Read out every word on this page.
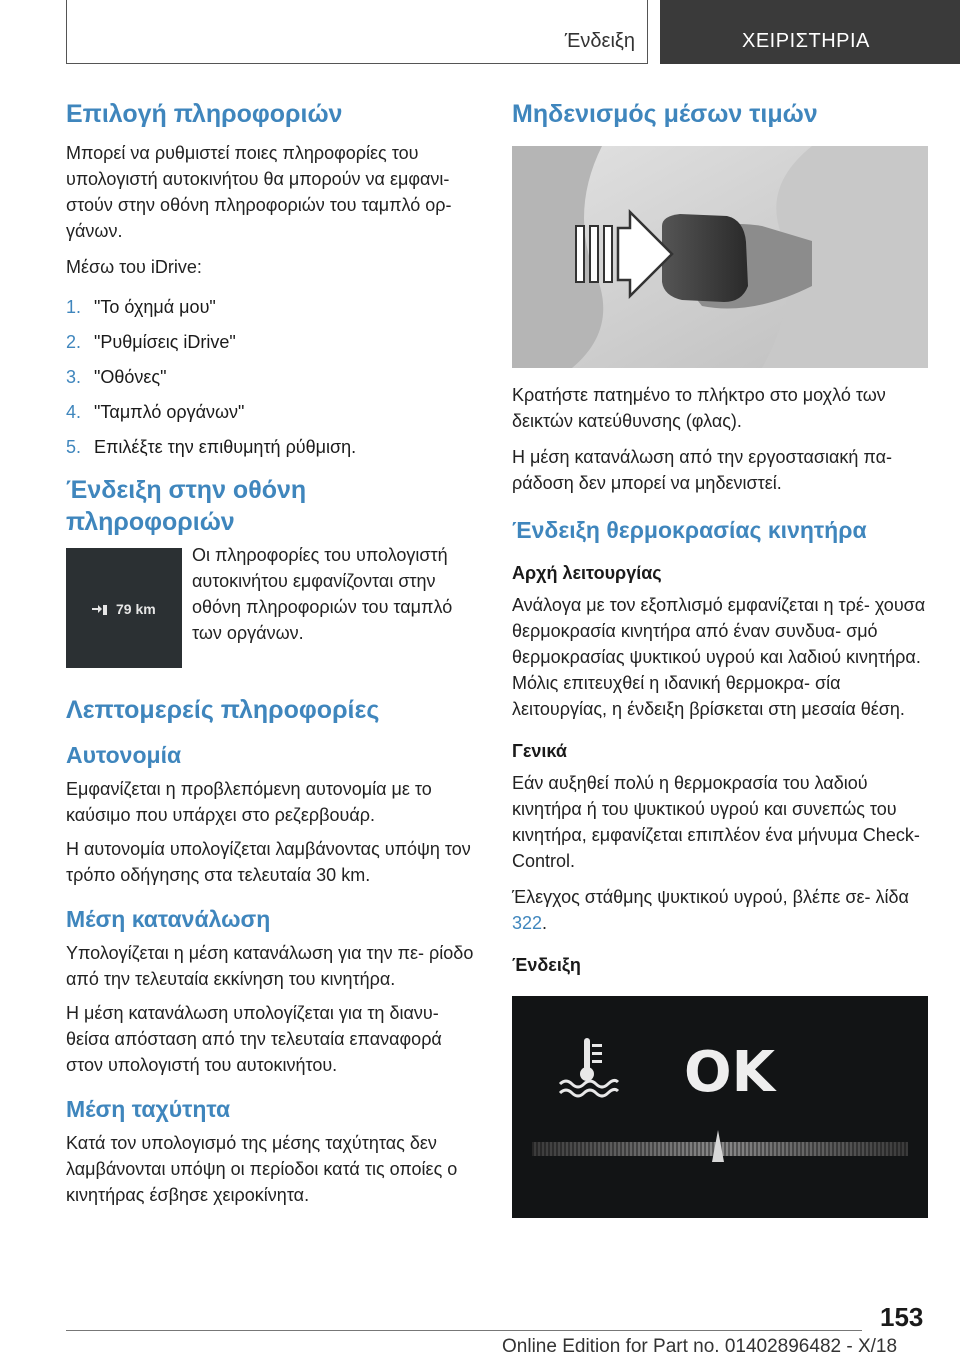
Ένδειξη	ΧΕΙΡΙΣΤΗΡΙΑ
Επιλογή πληροφοριών

Μπορεί να ρυθμιστεί ποιες πληροφορίες του υπολογιστή αυτοκινήτου θα μπορούν να εμφανι- στούν στην οθόνη πληροφοριών του ταμπλό ορ- γάνων.

Μέσω του iDrive:

1. "Το όχημά μου"
2. "Ρυθμίσεις iDrive"
3. "Οθόνες"
4. "Ταμπλό οργάνων"
5. Επιλέξτε την επιθυμητή ρύθμιση.
Ένδειξη στην οθόνη πληροφοριών
79 km

Οι πληροφορίες του υπολογιστή αυτοκινήτου εμφανίζονται στην οθόνη πληροφοριών του ταμπλό των οργάνων.

Λεπτομερείς πληροφορίες
Αυτονομία

Εμφανίζεται η προβλεπόμενη αυτονομία με το καύσιμο που υπάρχει στο ρεζερβουάρ.

Η αυτονομία υπολογίζεται λαμβάνοντας υπόψη τον τρόπο οδήγησης στα τελευταία 30 km.

Μέση κατανάλωση

Υπολογίζεται η μέση κατανάλωση για την πε- ρίοδο από την τελευταία εκκίνηση του κινητήρα.

Η μέση κατανάλωση υπολογίζεται για τη διανυ- θείσα απόσταση από την τελευταία επαναφορά στον υπολογιστή του αυτοκινήτου.

Μέση ταχύτητα

Κατά τον υπολογισμό της μέσης ταχύτητας δεν λαμβάνονται υπόψη οι περίοδοι κατά τις οποίες ο κινητήρας έσβησε χειροκίνητα.

Μηδενισμός μέσων τιμών

Κρατήστε πατημένο το πλήκτρο στο μοχλό των δεικτών κατεύθυνσης (φλας).

Η μέση κατανάλωση από την εργοστασιακή πα- ράδοση δεν μπορεί να μηδενιστεί.

Ένδειξη θερμοκρασίας κινητήρα
Αρχή λειτουργίας

Ανάλογα με τον εξοπλισμό εμφανίζεται η τρέ- χουσα θερμοκρασία κινητήρα από έναν συνδυα- σμό θερμοκρασίας ψυκτικού υγρού και λαδιού κινητήρα. Μόλις επιτευχθεί η ιδανική θερμοκρα- σία λειτουργίας, η ένδειξη βρίσκεται στη μεσαία θέση.

Γενικά

Εάν αυξηθεί πολύ η θερμοκρασία του λαδιού κινητήρα ή του ψυκτικού υγρού και συνεπώς του κινητήρα, εμφανίζεται επιπλέον ένα μήνυμα Check-Control.

Έλεγχος στάθμης ψυκτικού υγρού, βλέπε σε- λίδα 322.

Ένδειξη
OK
153
Online Edition for Part no. 01402896482 - X/18
